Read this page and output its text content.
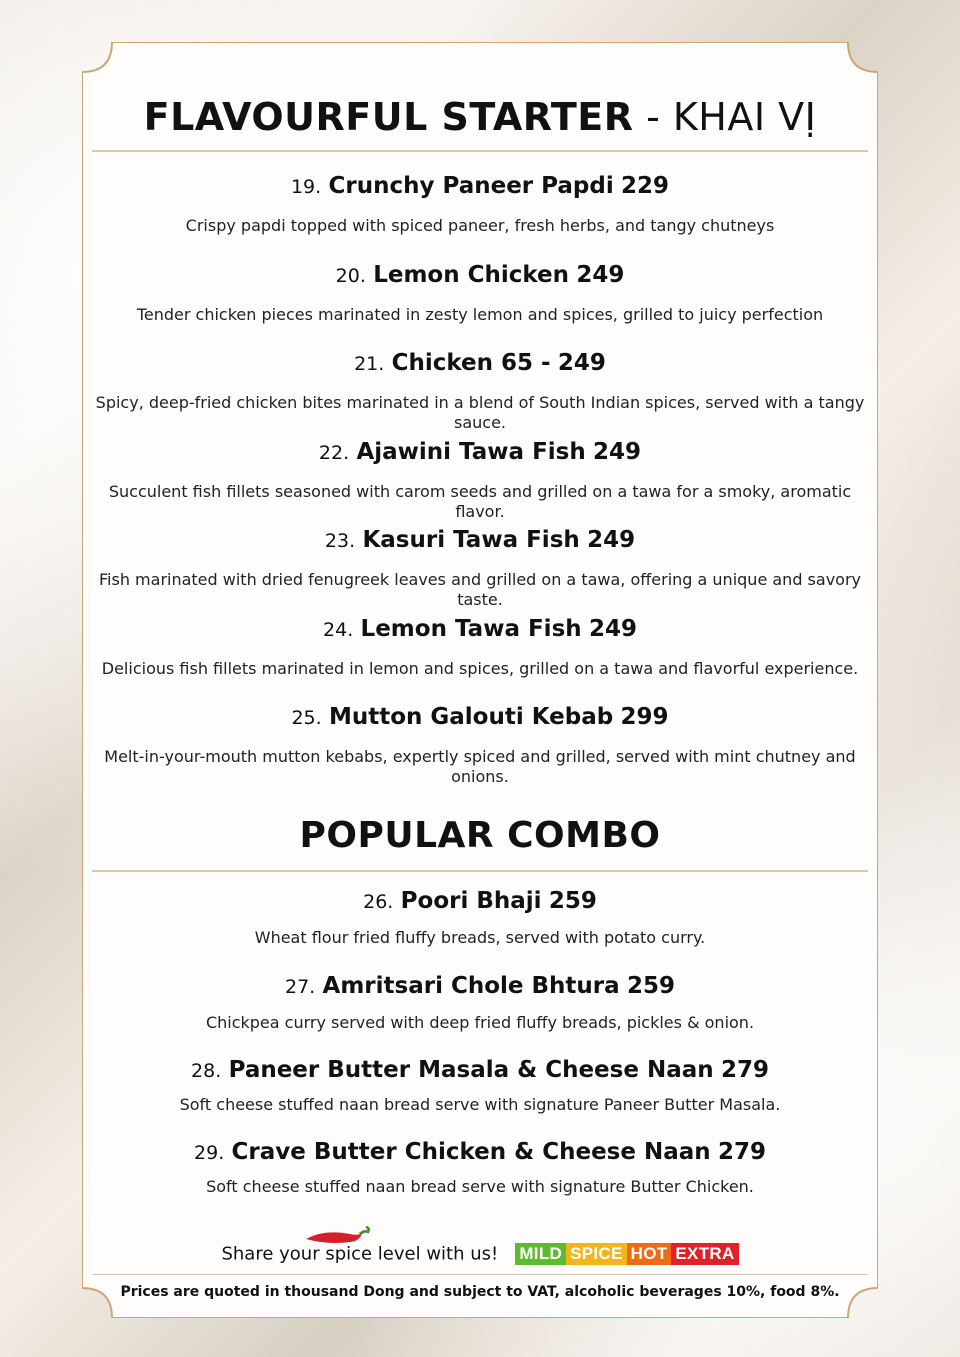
FLAVOURFUL STARTER - KHAI VỊ
19. Crunchy Paneer Papdi 229
Crispy papdi topped with spiced paneer, fresh herbs, and tangy chutneys
20. Lemon Chicken 249
Tender chicken pieces marinated in zesty lemon and spices, grilled to juicy perfection
21. Chicken 65 - 249
Spicy, deep-fried chicken bites marinated in a blend of South Indian spices, served with a tangy sauce.
22. Ajawini Tawa Fish 249
Succulent fish fillets seasoned with carom seeds and grilled on a tawa for a smoky, aromatic flavor.
23. Kasuri Tawa Fish 249
Fish marinated with dried fenugreek leaves and grilled on a tawa, offering a unique and savory taste.
24. Lemon Tawa Fish 249
Delicious fish fillets marinated in lemon and spices, grilled on a tawa and flavorful experience.
25. Mutton Galouti Kebab 299
Melt-in-your-mouth mutton kebabs, expertly spiced and grilled, served with mint chutney and onions.
POPULAR COMBO
26. Poori Bhaji 259
Wheat flour fried fluffy breads, served with potato curry.
27. Amritsari Chole Bhtura 259
Chickpea curry served with deep fried fluffy breads, pickles & onion.
28. Paneer Butter Masala & Cheese Naan 279
Soft cheese stuffed naan bread serve with signature Paneer Butter Masala.
29. Crave Butter Chicken & Cheese Naan 279
Soft cheese stuffed naan bread serve with signature Butter Chicken.
Share your spice level with us! MILD SPICE HOT EXTRA
Prices are quoted in thousand Dong and subject to VAT, alcoholic beverages 10%, food 8%.
